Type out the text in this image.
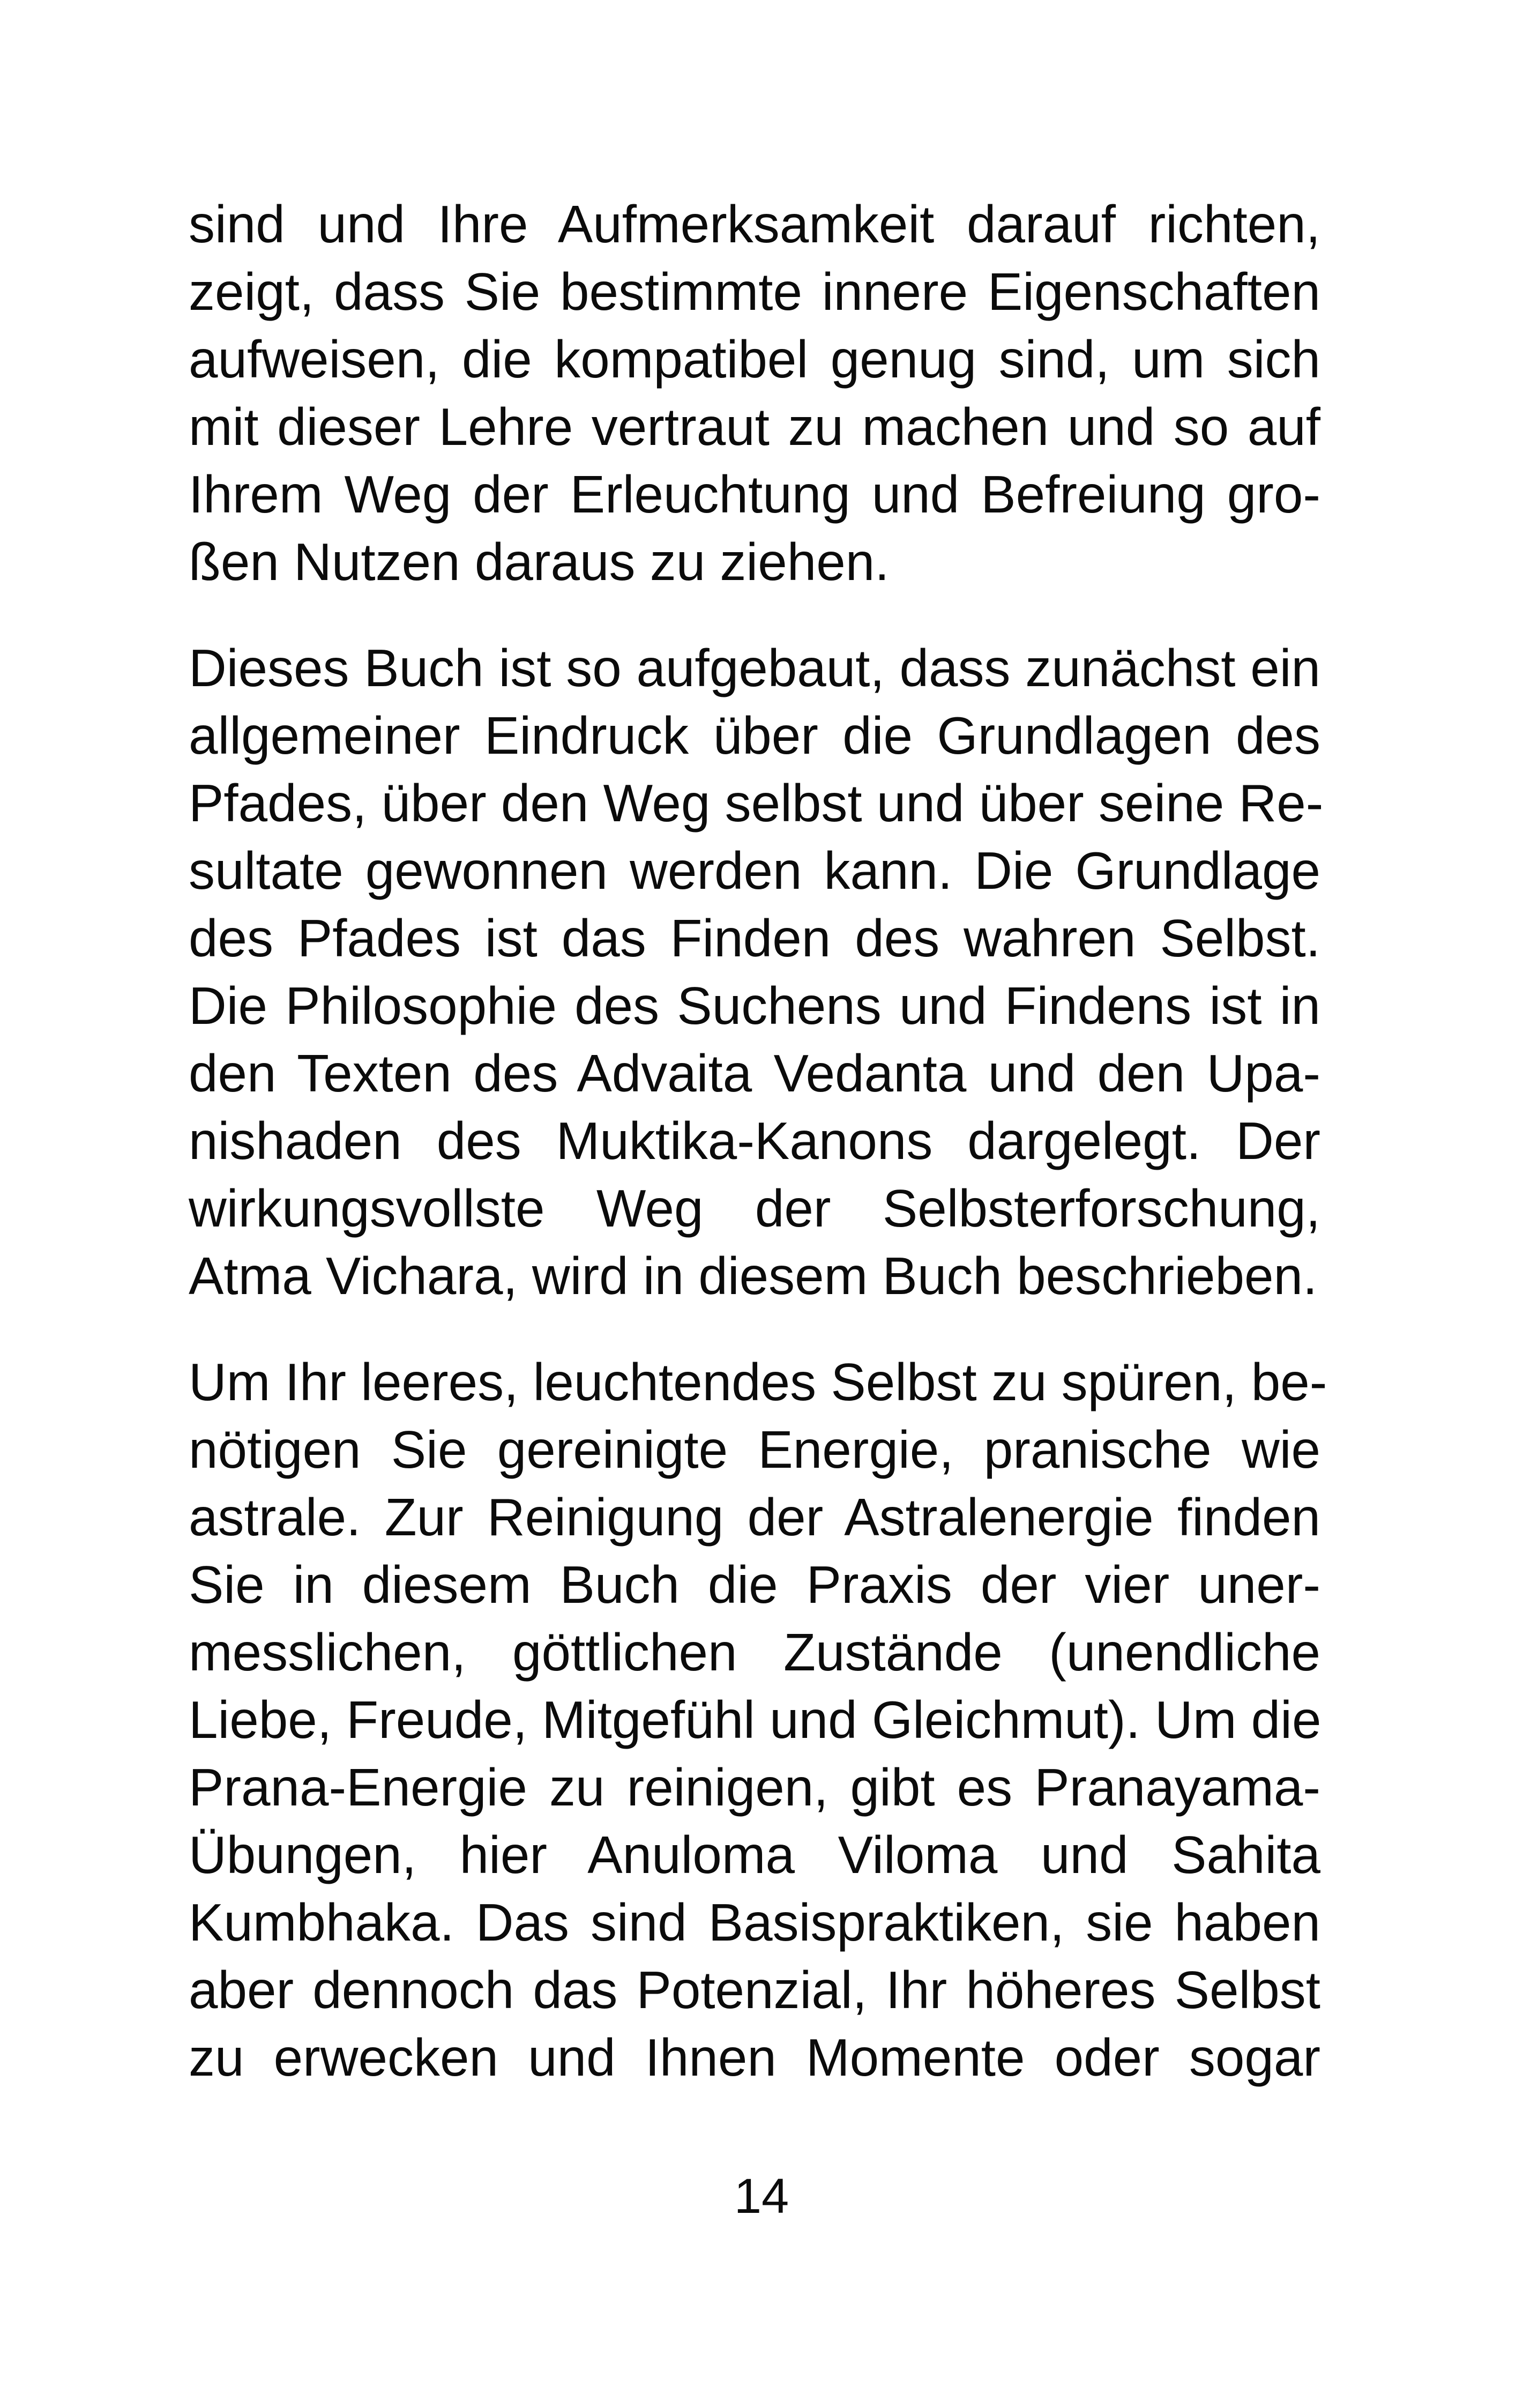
sind und Ihre Aufmerksamkeit darauf richten,
zeigt, dass Sie bestimmte innere Eigenschaften
aufweisen, die kompatibel genug sind, um sich
mit dieser Lehre vertraut zu machen und so auf
Ihrem Weg der Erleuchtung und Befreiung gro-
ßen Nutzen daraus zu ziehen.
Dieses Buch ist so aufgebaut, dass zunächst ein
allgemeiner Eindruck über die Grundlagen des
Pfades, über den Weg selbst und über seine Re-
sultate gewonnen werden kann. Die Grundlage
des Pfades ist das Finden des wahren Selbst.
Die Philosophie des Suchens und Findens ist in
den Texten des Advaita Vedanta und den Upa-
nishaden des Muktika-Kanons dargelegt. Der
wirkungsvollste Weg der Selbsterforschung,
Atma Vichara, wird in diesem Buch beschrieben.
Um Ihr leeres, leuchtendes Selbst zu spüren, be-
nötigen Sie gereinigte Energie, pranische wie
astrale. Zur Reinigung der Astralenergie finden
Sie in diesem Buch die Praxis der vier uner-
messlichen, göttlichen Zustände (unendliche
Liebe, Freude, Mitgefühl und Gleichmut). Um die
Prana-Energie zu reinigen, gibt es Pranayama-
Übungen, hier Anuloma Viloma und Sahita
Kumbhaka. Das sind Basispraktiken, sie haben
aber dennoch das Potenzial, Ihr höheres Selbst
zu erwecken und Ihnen Momente oder sogar
14
